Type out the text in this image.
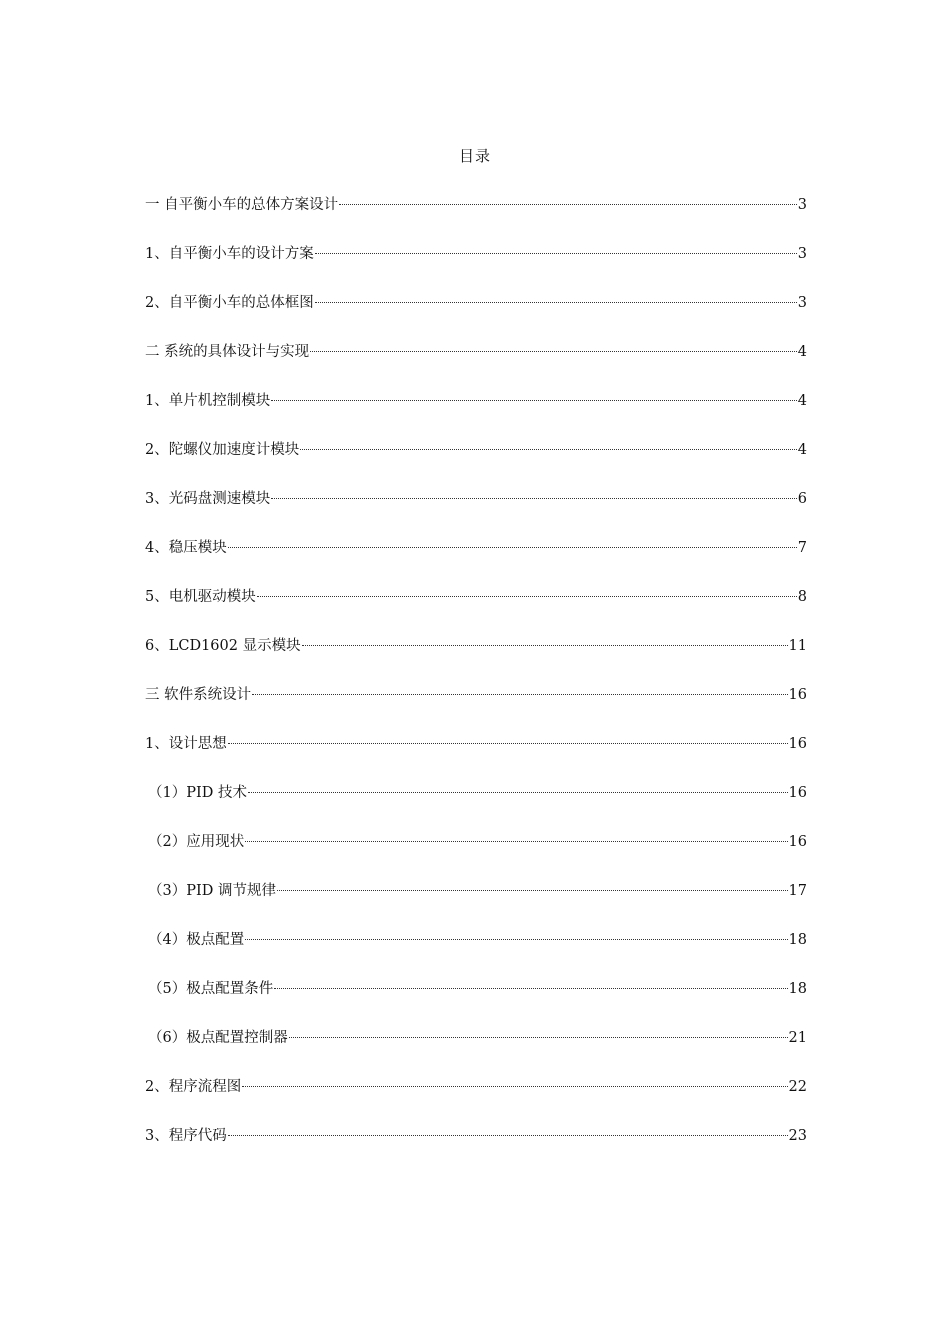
目录
一 自平衡小车的总体方案设计	3
1、自平衡小车的设计方案	3
2、自平衡小车的总体框图	3
二 系统的具体设计与实现	4
1、单片机控制模块	4
2、陀螺仪加速度计模块	4
3、光码盘测速模块	6
4、稳压模块	7
5、电机驱动模块	8
6、LCD1602 显示模块	11
三 软件系统设计	16
1、设计思想	16
（1）PID 技术	16
（2）应用现状	16
（3）PID 调节规律	17
（4）极点配置	18
（5）极点配置条件	18
（6）极点配置控制器	21
2、程序流程图	22
3、程序代码	23
